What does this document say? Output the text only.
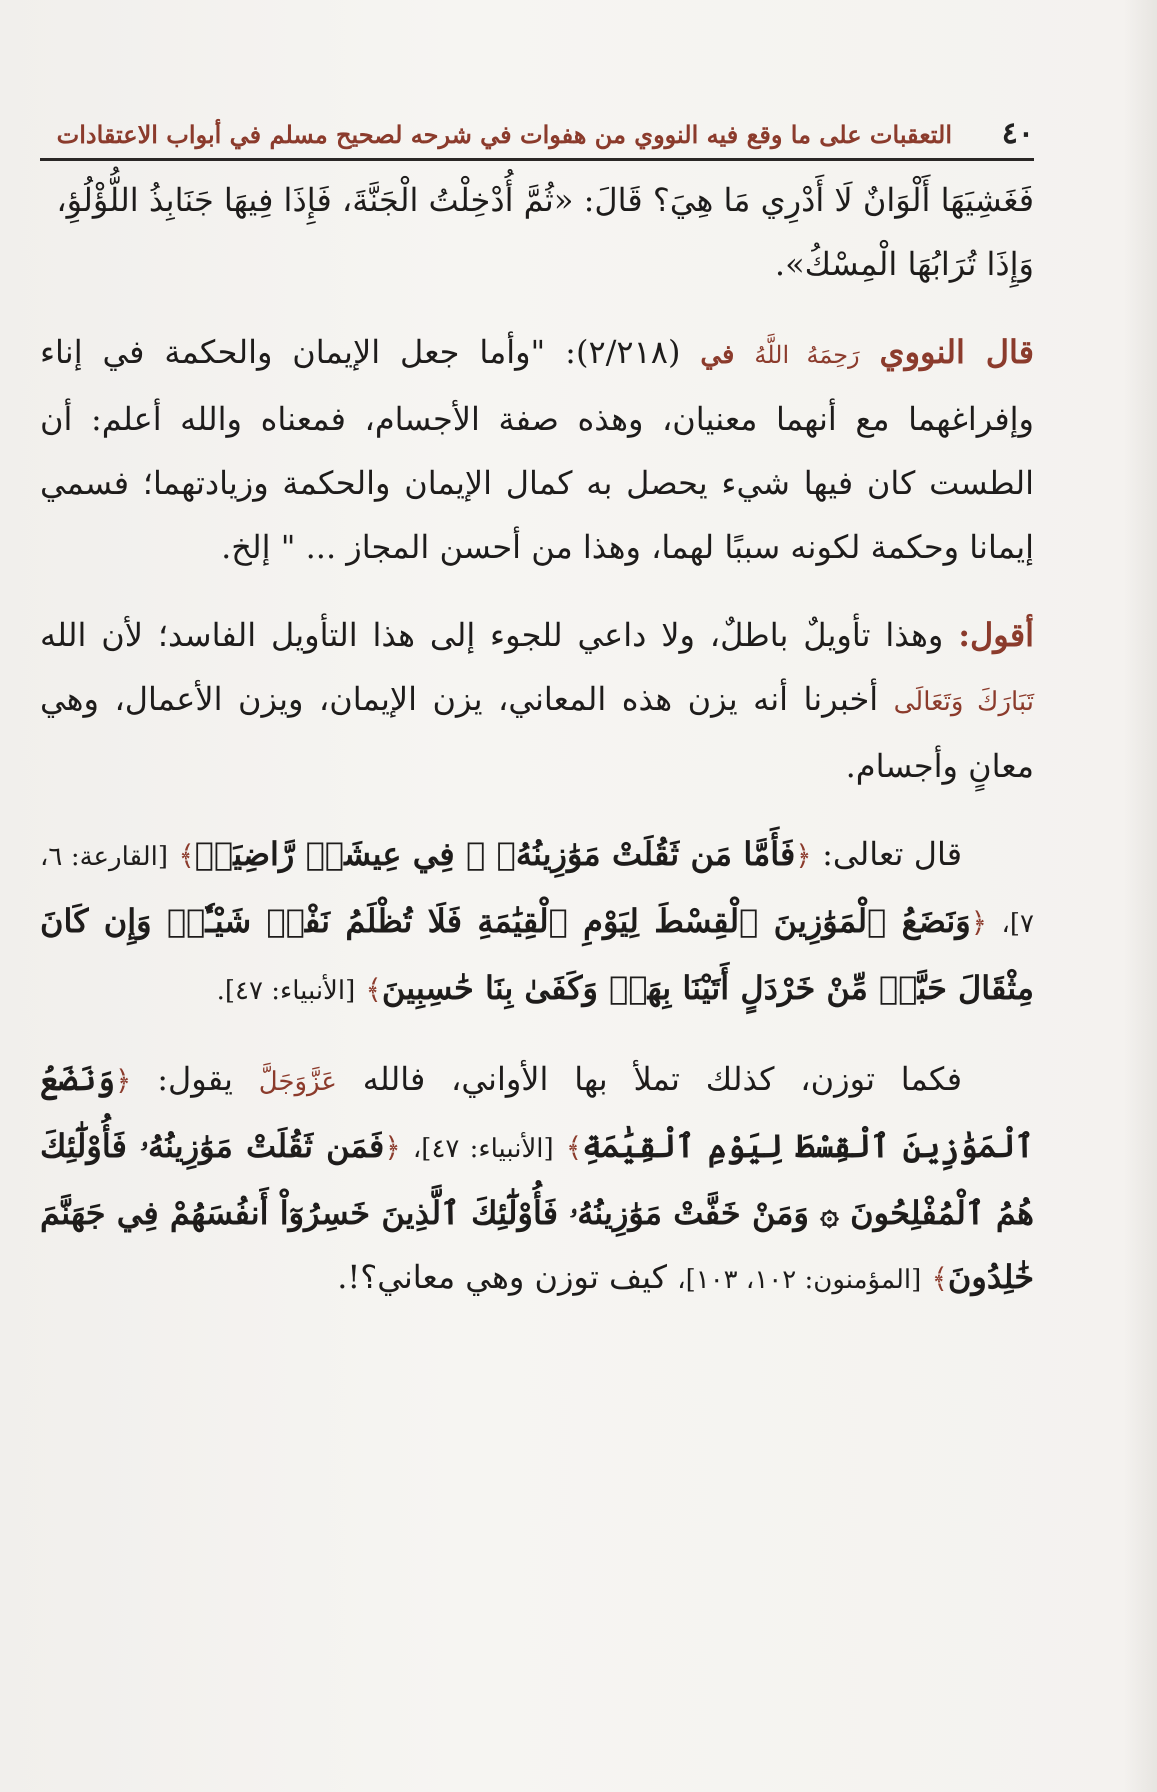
٤٠
التعقبات على ما وقع فيه النووي من هفوات في شرحه لصحيح مسلم في أبواب الاعتقادات

فَغَشِيَهَا أَلْوَانٌ لَا أَدْرِي مَا هِيَ؟ قَالَ: «ثُمَّ أُدْخِلْتُ الْجَنَّةَ، فَإِذَا فِيهَا جَنَابِذُ اللُّؤْلُؤِ،
وَإِذَا تُرَابُهَا الْمِسْكُ».

قال النووي رَحِمَهُ اللَّهُ في (٢/٢١٨): "وأما جعل الإيمان والحكمة في إناء وإفراغهما مع أنهما معنيان، وهذه صفة الأجسام، فمعناه والله أعلم: أن الطست كان فيها شيء يحصل به كمال الإيمان والحكمة وزيادتهما؛ فسمي إيمانا وحكمة لكونه سببًا لهما، وهذا من أحسن المجاز ... " إلخ.

أقول: وهذا تأويلٌ باطلٌ، ولا داعي للجوء إلى هذا التأويل الفاسد؛ لأن الله تَبَارَكَ وَتَعَالَى أخبرنا أنه يزن هذه المعاني، يزن الإيمان، ويزن الأعمال، وهي معانٍ وأجسام.

قال تعالى: ﴿فَأَمَّا مَن ثَقُلَتْ مَوَٰزِينُهُۥ ۞ فِي عِيشَةٖ رَّاضِيَةٖ﴾ [القارعة: ٦، ٧]، ﴿وَنَضَعُ ٱلْمَوَٰزِينَ ٱلْقِسْطَ لِيَوْمِ ٱلْقِيَٰمَةِ فَلَا تُظْلَمُ نَفْسٞ شَيْـٔٗاۖ وَإِن كَانَ مِثْقَالَ حَبَّةٖ مِّنْ خَرْدَلٍ أَتَيْنَا بِهَاۗ وَكَفَىٰ بِنَا حَٰسِبِينَ﴾ [الأنبياء: ٤٧].

فكما توزن، كذلك تملأ بها الأواني، فالله عَزَّوَجَلَّ يقول: ﴿وَنَضَعُ ٱلْمَوَٰزِينَ ٱلْقِسْطَ لِيَوْمِ ٱلْقِيَٰمَةِ﴾ [الأنبياء: ٤٧]، ﴿فَمَن ثَقُلَتْ مَوَٰزِينُهُۥ فَأُوْلَٰٓئِكَ هُمُ ٱلْمُفْلِحُونَ ۞ وَمَنْ خَفَّتْ مَوَٰزِينُهُۥ فَأُوْلَٰٓئِكَ ٱلَّذِينَ خَسِرُوٓاْ أَنفُسَهُمْ فِي جَهَنَّمَ خَٰلِدُونَ﴾ [المؤمنون: ١٠٢، ١٠٣]، كيف توزن وهي معاني؟!.
